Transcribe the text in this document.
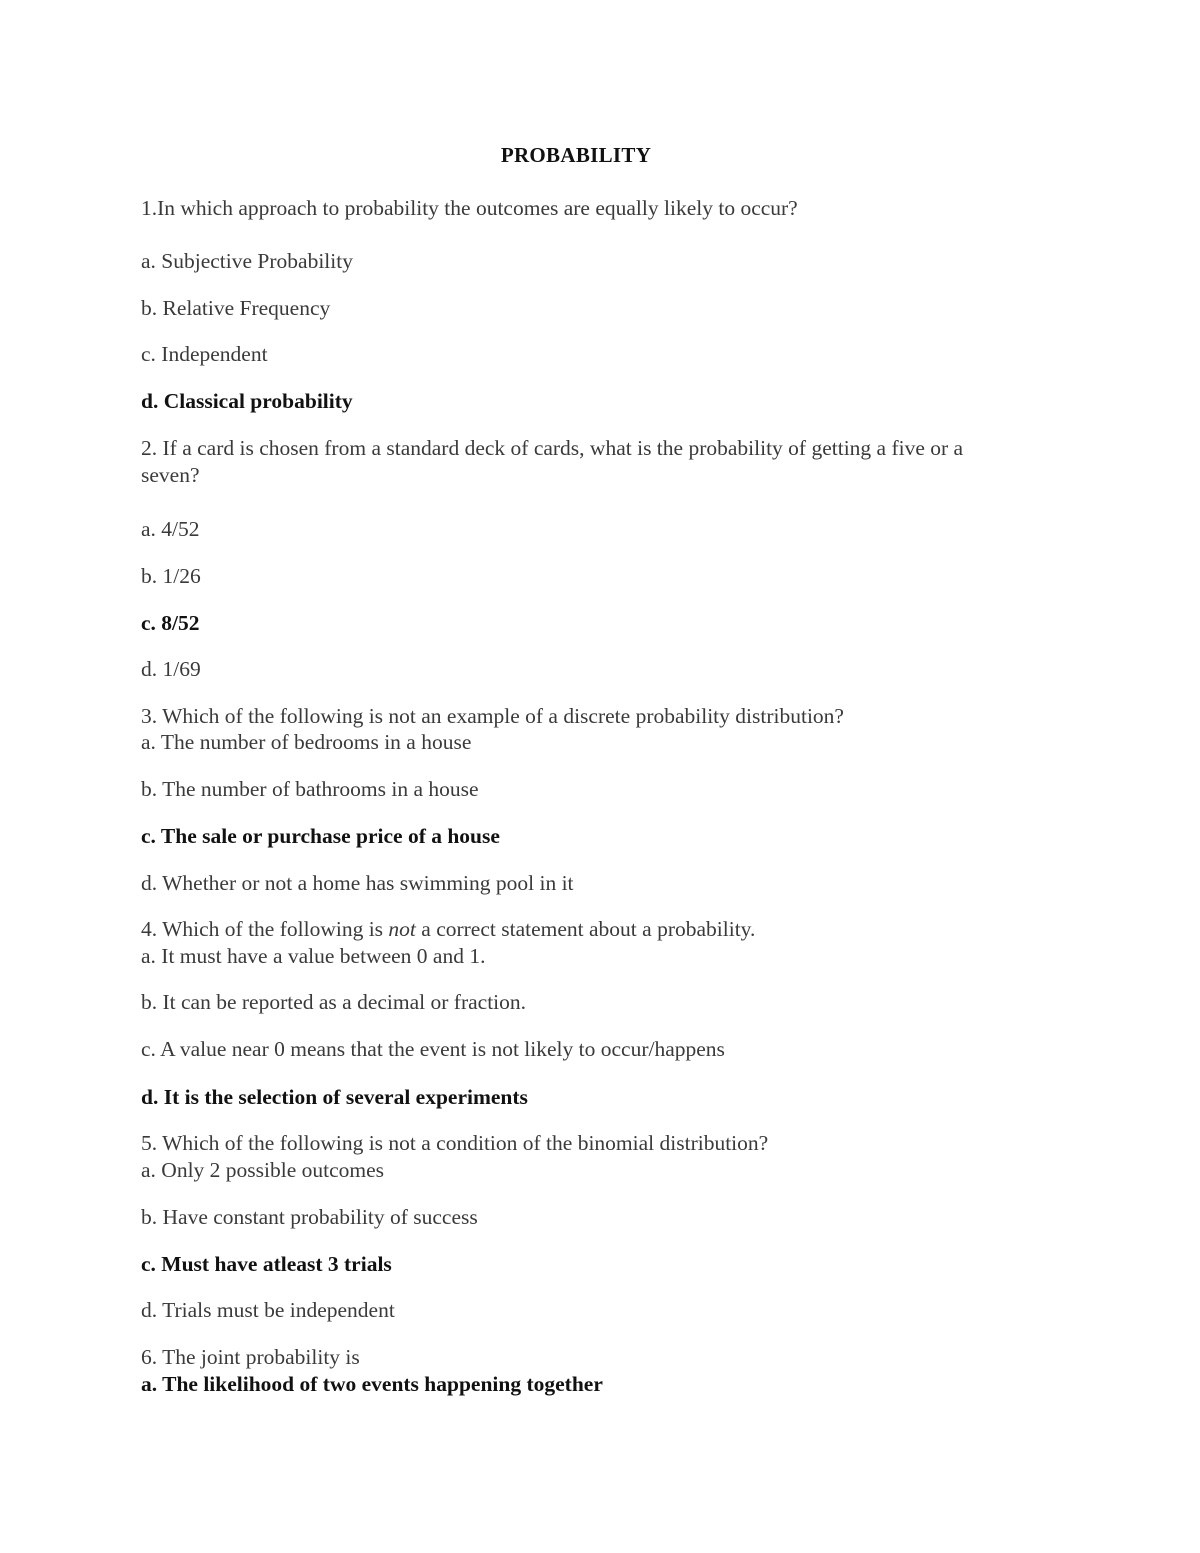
PROBABILITY
1.In which approach to probability the outcomes are equally likely to occur?
a. Subjective Probability
b. Relative Frequency
c. Independent
d. Classical probability
2. If a card is chosen from a standard deck of cards, what is the probability of getting a five or a
seven?
a. 4/52
b. 1/26
c. 8/52
d. 1/69
3. Which of the following is not an example of a discrete probability distribution?
a. The number of bedrooms in a house
b. The number of bathrooms in a house
c. The sale or purchase price of a house
d. Whether or not a home has swimming pool in it
4. Which of the following is not a correct statement about a probability.
a. It must have a value between 0 and 1.
b. It can be reported as a decimal or fraction.
c. A value near 0 means that the event is not likely to occur/happens
d. It is the selection of several experiments
5. Which of the following is not a condition of the binomial distribution?
a. Only 2 possible outcomes
b. Have constant probability of success
c. Must have atleast 3 trials
d. Trials must be independent
6. The joint probability is
a. The likelihood of two events happening together
